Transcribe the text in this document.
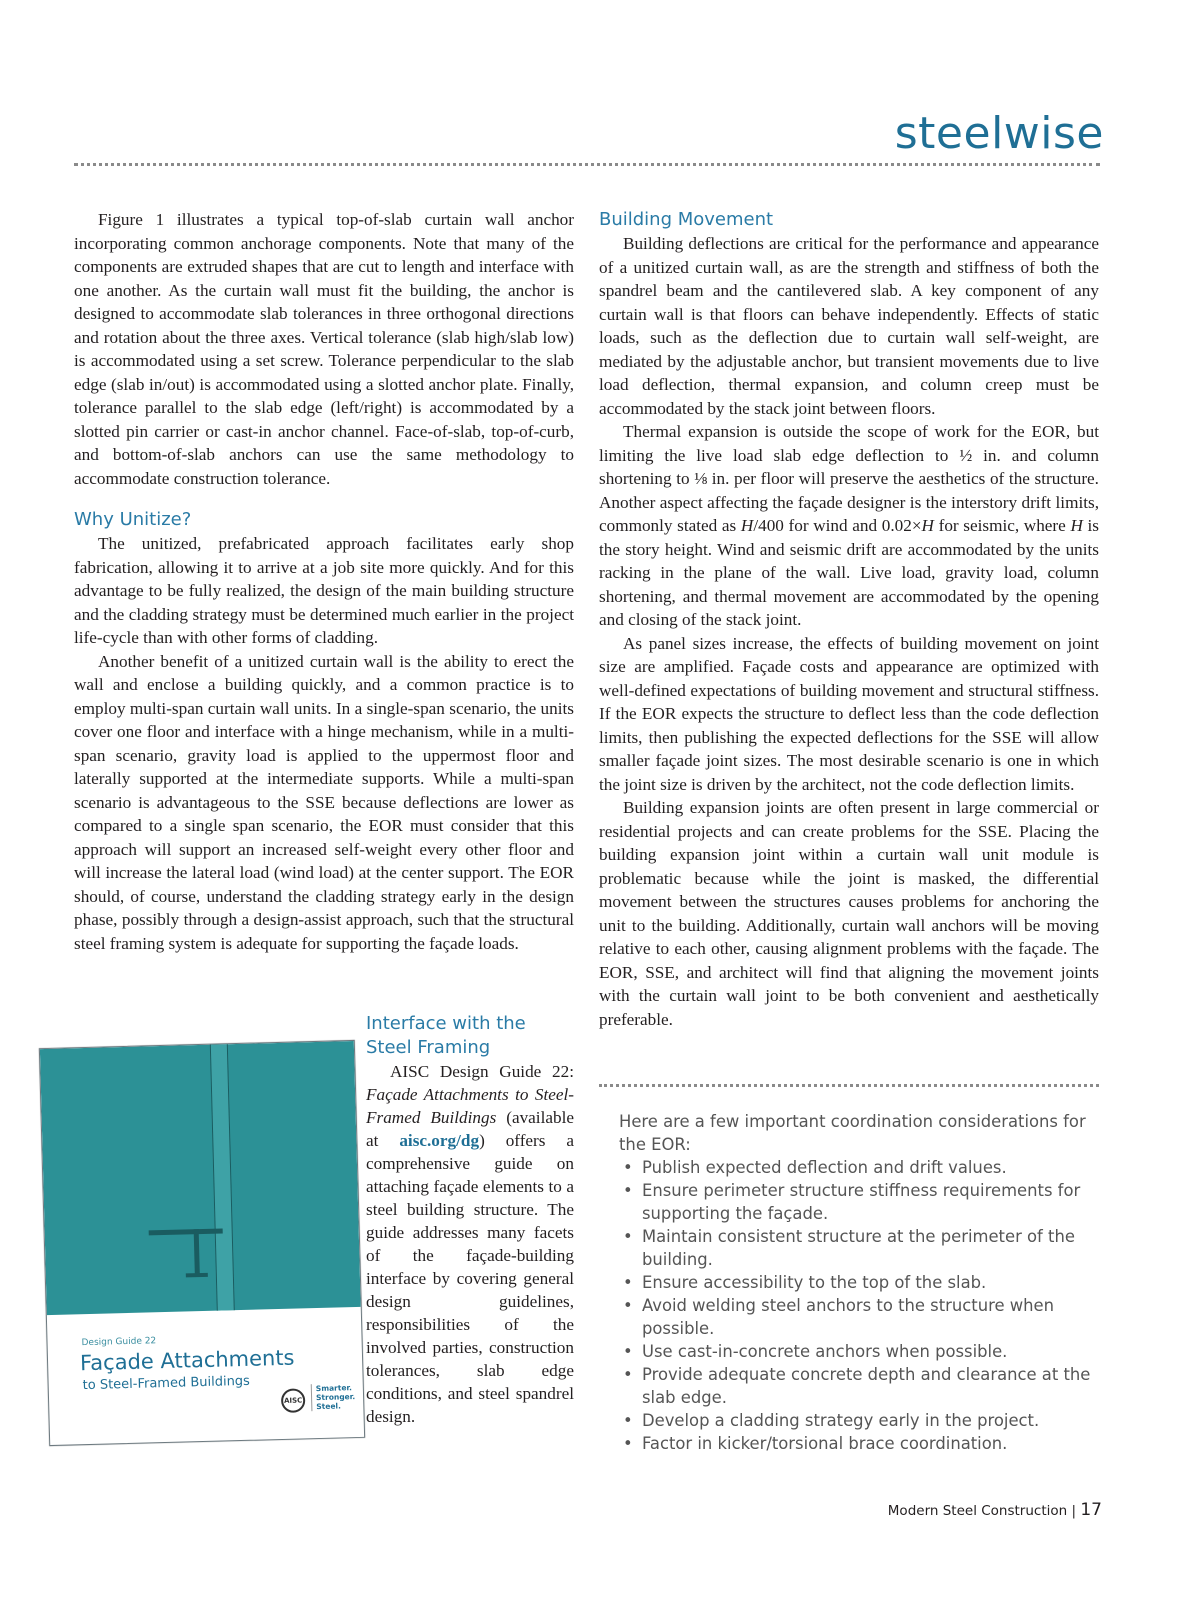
steelwise

Figure 1 illustrates a typical top-of-slab curtain wall anchor incorporating common anchorage components. Note that many of the components are extruded shapes that are cut to length and interface with one another. As the curtain wall must fit the building, the anchor is designed to accommodate slab tolerances in three orthogonal directions and rotation about the three axes. Vertical tolerance (slab high/slab low) is accommodated using a set screw. Tolerance perpendicular to the slab edge (slab in/out) is accommodated using a slotted anchor plate. Finally, tolerance parallel to the slab edge (left/right) is accommodated by a slotted pin carrier or cast-in anchor channel. Face-of-slab, top-of-curb, and bottom-of-slab anchors can use the same methodology to accommodate construction tolerance.

Why Unitize?

The unitized, prefabricated approach facilitates early shop fabrication, allowing it to arrive at a job site more quickly. And for this advantage to be fully realized, the design of the main building structure and the cladding strategy must be determined much earlier in the project life-cycle than with other forms of cladding.

Another benefit of a unitized curtain wall is the ability to erect the wall and enclose a building quickly, and a common practice is to employ multi-span curtain wall units. In a single-span scenario, the units cover one floor and interface with a hinge mechanism, while in a multi-span scenario, gravity load is applied to the uppermost floor and laterally supported at the intermediate supports. While a multi-span scenario is advantageous to the SSE because deflections are lower as compared to a single span scenario, the EOR must consider that this approach will support an increased self-weight every other floor and will increase the lateral load (wind load) at the center support. The EOR should, of course, understand the cladding strategy early in the design phase, possibly through a design-assist approach, such that the structural steel framing system is adequate for supporting the façade loads.

Building Movement

Building deflections are critical for the performance and appearance of a unitized curtain wall, as are the strength and stiffness of both the spandrel beam and the cantilevered slab. A key component of any curtain wall is that floors can behave independently. Effects of static loads, such as the deflection due to curtain wall self-weight, are mediated by the adjustable anchor, but transient movements due to live load deflection, thermal expansion, and column creep must be accommodated by the stack joint between floors.

Thermal expansion is outside the scope of work for the EOR, but limiting the live load slab edge deflection to ½ in. and column shortening to ⅛ in. per floor will preserve the aesthetics of the structure. Another aspect affecting the façade designer is the interstory drift limits, commonly stated as H/400 for wind and 0.02×H for seismic, where H is the story height. Wind and seismic drift are accommodated by the units racking in the plane of the wall. Live load, gravity load, column shortening, and thermal movement are accommodated by the opening and closing of the stack joint.

As panel sizes increase, the effects of building movement on joint size are amplified. Façade costs and appearance are optimized with well-defined expectations of building movement and structural stiffness. If the EOR expects the structure to deflect less than the code deflection limits, then publishing the expected deflections for the SSE will allow smaller façade joint sizes. The most desirable scenario is one in which the joint size is driven by the architect, not the code deflection limits.

Building expansion joints are often present in large commercial or residential projects and can create problems for the SSE. Placing the building expansion joint within a curtain wall unit module is problematic because while the joint is masked, the differential movement between the structures causes problems for anchoring the unit to the building. Additionally, curtain wall anchors will be moving relative to each other, causing alignment problems with the façade. The EOR, SSE, and architect will find that aligning the movement joints with the curtain wall joint to be both convenient and aesthetically preferable.

Design Guide 22
Façade Attachments
to Steel-Framed Buildings
AISC
Smarter.
Stronger.
Steel.
Interface with the
Steel Framing
AISC Design Guide 22: Façade Attachments to Steel-Framed Buildings (available at aisc.org/dg) offers a comprehensive guide on attaching façade elements to a steel building structure. The guide addresses many facets of the façade-building interface by covering general design guidelines, responsibilities of the involved parties, construction tolerances, slab edge conditions, and steel spandrel design.
Here are a few important coordination considerations for the EOR:
• Publish expected deflection and drift values.
• Ensure perimeter structure stiffness requirements for supporting the façade.
• Maintain consistent structure at the perimeter of the building.
• Ensure accessibility to the top of the slab.
• Avoid welding steel anchors to the structure when possible.
• Use cast-in-concrete anchors when possible.
• Provide adequate concrete depth and clearance at the slab edge.
• Develop a cladding strategy early in the project.
• Factor in kicker/torsional brace coordination.
Modern Steel Construction | 17
